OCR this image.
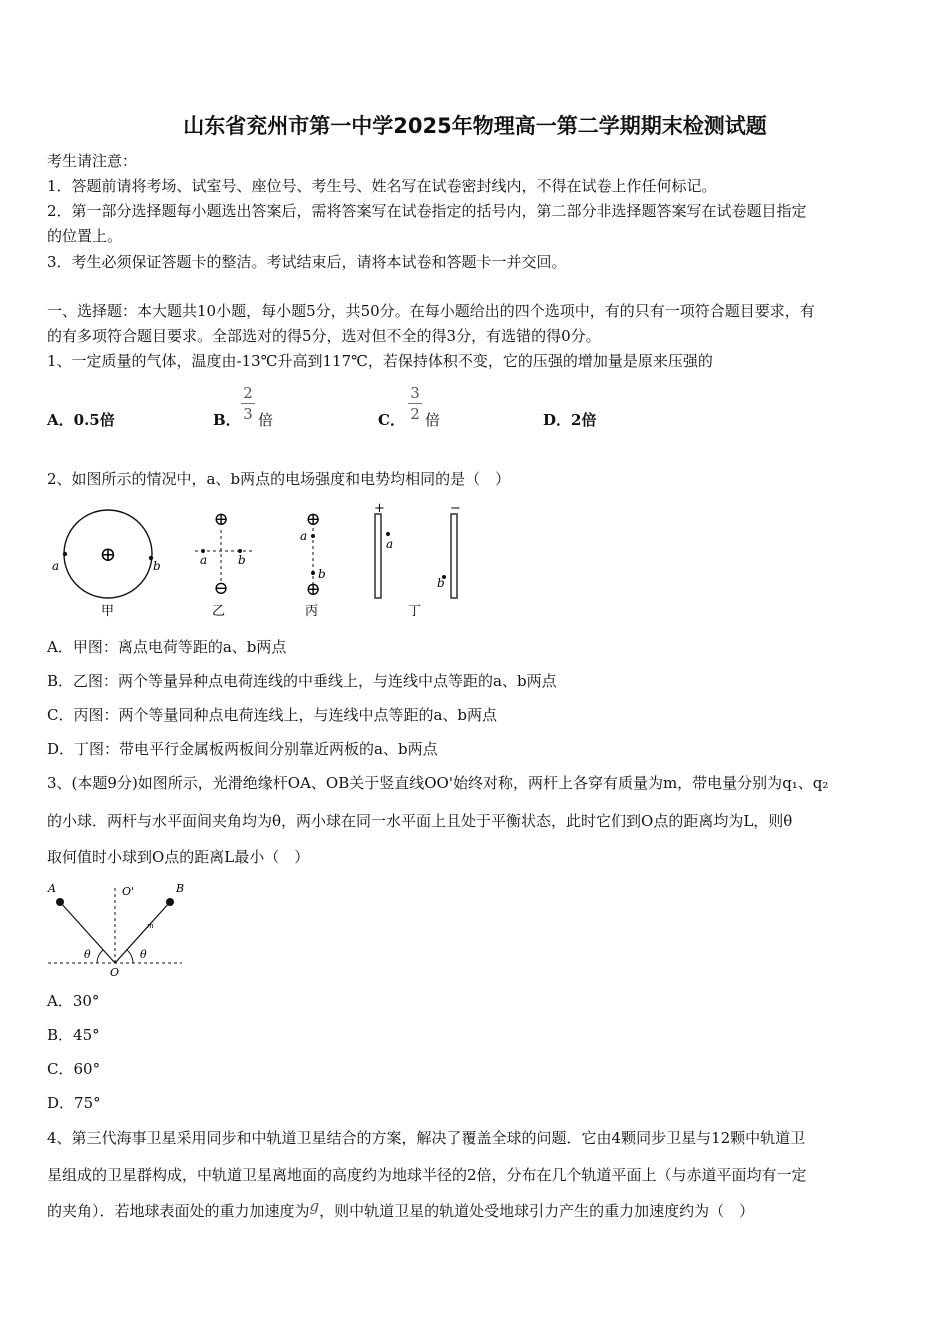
山东省兖州市第一中学2025年物理高一第二学期期末检测试题
考生请注意：
1．答题前请将考场、试室号、座位号、考生号、姓名写在试卷密封线内，不得在试卷上作任何标记。
2．第一部分选择题每小题选出答案后，需将答案写在试卷指定的括号内，第二部分非选择题答案写在试卷题目指定
的位置上。
3．考生必须保证答题卡的整洁。考试结束后，请将本试卷和答题卡一并交回。
一、选择题：本大题共10小题，每小题5分，共50分。在每小题给出的四个选项中，有的只有一项符合题目要求，有
的有多项符合题目要求。全部选对的得5分，选对但不全的得3分，有选错的得0分。
1、一定质量的气体，温度由-13℃升高到117℃，若保持体积不变，它的压强的增加量是原来压强的
A．0.5倍	B．
2
3 倍	C．
3
2 倍	D．2倍
2、如图所示的情况中，a、b两点的电场强度和电势均相同的是（　）
⊕
a	b
甲
⊕
a	b
⊖
乙
⊕
a
b
⊕
丙
+
a
−
b
丁
A．甲图：离点电荷等距的a、b两点
B．乙图：两个等量异种点电荷连线的中垂线上，与连线中点等距的a、b两点
C．丙图：两个等量同种点电荷连线上，与连线中点等距的a、b两点
D．丁图：带电平行金属板两板间分别靠近两板的a、b两点
3、(本题9分)如图所示，光滑绝缘杆OA、OB关于竖直线OO'始终对称，两杆上各穿有质量为m，带电量分别为q₁、q₂
的小球．两杆与水平面间夹角均为θ，两小球在同一水平面上且处于平衡状态，此时它们到O点的距离均为L，则θ
取何值时小球到O点的距离L最小（　）
A	B
O'
O
θ	θ
m
A．30°
B．45°
C．60°
D．75°
4、第三代海事卫星采用同步和中轨道卫星结合的方案，解决了覆盖全球的问题．它由4颗同步卫星与12颗中轨道卫
星组成的卫星群构成，中轨道卫星离地面的高度约为地球半径的2倍，分布在几个轨道平面上（与赤道平面均有一定
的夹角）．若地球表面处的重力加速度为g，则中轨道卫星的轨道处受地球引力产生的重力加速度约为（　）
